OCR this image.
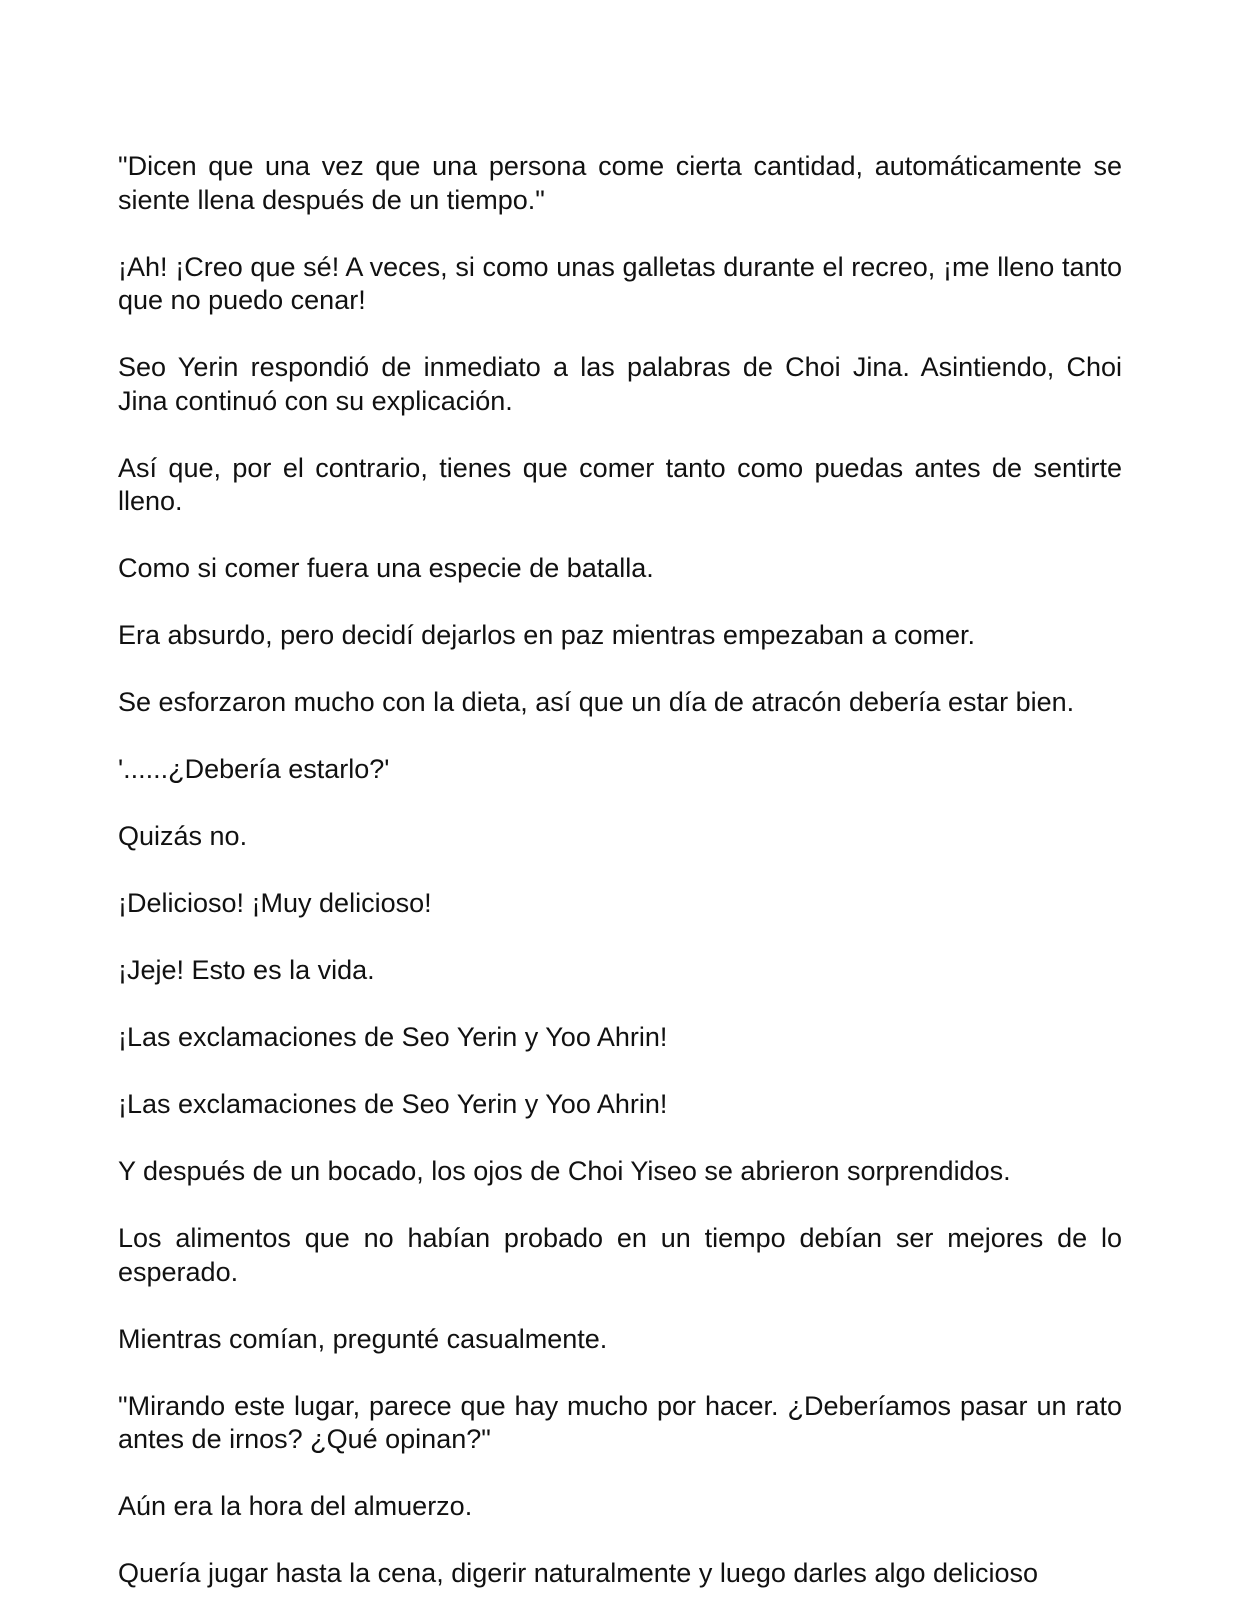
"Dicen que una vez que una persona come cierta cantidad, automáticamente se siente llena después de un tiempo."

¡Ah! ¡Creo que sé! A veces, si como unas galletas durante el recreo, ¡me lleno tanto que no puedo cenar!

Seo Yerin respondió de inmediato a las palabras de Choi Jina. Asintiendo, Choi Jina continuó con su explicación.

Así que, por el contrario, tienes que comer tanto como puedas antes de sentirte lleno.

Como si comer fuera una especie de batalla.

Era absurdo, pero decidí dejarlos en paz mientras empezaban a comer.

Se esforzaron mucho con la dieta, así que un día de atracón debería estar bien.

'......¿Debería estarlo?'

Quizás no.

¡Delicioso! ¡Muy delicioso!

¡Jeje! Esto es la vida.

¡Las exclamaciones de Seo Yerin y Yoo Ahrin!

¡Las exclamaciones de Seo Yerin y Yoo Ahrin!

Y después de un bocado, los ojos de Choi Yiseo se abrieron sorprendidos.

Los alimentos que no habían probado en un tiempo debían ser mejores de lo esperado.

Mientras comían, pregunté casualmente.

"Mirando este lugar, parece que hay mucho por hacer. ¿Deberíamos pasar un rato antes de irnos? ¿Qué opinan?"

Aún era la hora del almuerzo.

Quería jugar hasta la cena, digerir naturalmente y luego darles algo delicioso
